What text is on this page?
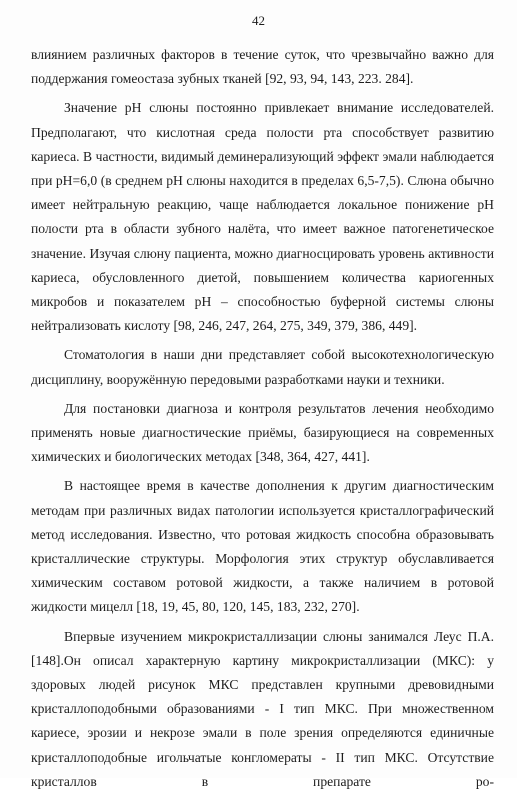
42

влиянием различных факторов в течение суток, что чрезвычайно важно для поддержания гомеостаза зубных тканей [92, 93, 94, 143, 223. 284].

Значение pH слюны постоянно привлекает внимание исследователей. Предполагают, что кислотная среда полости рта способствует развитию кариеса. В частности, видимый деминерализующий эффект эмали наблюдается при pH=6,0 (в среднем pH слюны находится в пределах 6,5-7,5). Слюна обычно имеет нейтральную реакцию, чаще наблюдается локальное понижение pH полости рта в области зубного налёта, что имеет важное патогенетическое значение. Изучая слюну пациента, можно диагносцировать уровень активности кариеса, обусловленного диетой, повышением количества кариогенных микробов и показателем pH – способностью буферной системы слюны нейтрализовать кислоту [98, 246, 247, 264, 275, 349, 379, 386, 449].

Стоматология в наши дни представляет собой высокотехнологическую дисциплину, вооружённую передовыми разработками науки и техники.

Для постановки диагноза и контроля результатов лечения необходимо применять новые диагностические приёмы, базирующиеся на современных химических и биологических методах [348, 364, 427, 441].

В настоящее время в качестве дополнения к другим диагностическим методам при различных видах патологии используется кристаллографический метод исследования. Известно, что ротовая жидкость способна образовывать кристаллические структуры. Морфология этих структур обуславливается химическим составом ротовой жидкости, а также наличием в ротовой жидкости мицелл [18, 19, 45, 80, 120, 145, 183, 232, 270].

Впервые изучением микрокристаллизации слюны занимался Леус П.А. [148].Он описал характерную картину микрокристаллизации (МКС): у здоровых людей рисунок МКС представлен крупными древовидными кристаллоподобными образованиями - I тип МКС. При множественном кариесе, эрозии и некрозе эмали в поле зрения определяются единичные кристаллоподобные игольчатые конгломераты - II тип МКС. Отсутствие кристаллов в препарате ро-
